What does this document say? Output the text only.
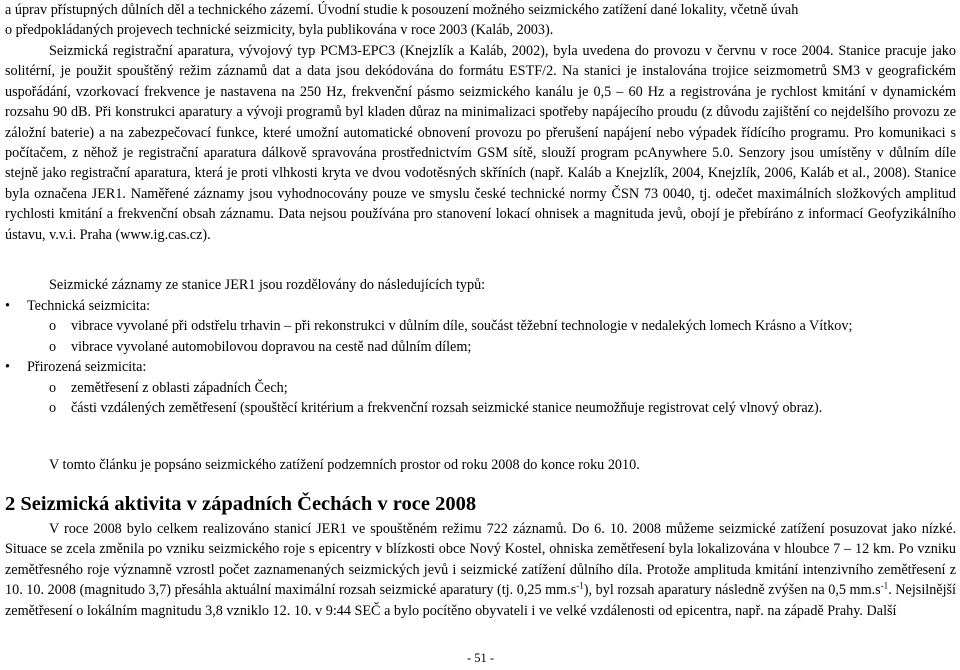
a úprav přístupných důlních děl a technického zázemí. Úvodní studie k posouzení možného seizmického zatížení dané lokality, včetně úvah
o předpokládaných projevech technické seizmicity, byla publikována v roce 2003 (Kaláb, 2003).

Seizmická registrační aparatura, vývojový typ PCM3-EPC3 (Knejzlík a Kaláb, 2002), byla uvedena do provozu v červnu v roce 2004. Stanice pracuje jako solitérní, je použit spouštěný režim záznamů dat a data jsou dekódována do formátu ESTF/2. Na stanici je instalována trojice seizmometrů SM3 v geografickém uspořádání, vzorkovací frekvence je nastavena na 250 Hz, frekvenční pásmo seizmického kanálu je 0,5 – 60 Hz a registrována je rychlost kmitání v dynamickém rozsahu 90 dB. Při konstrukci aparatury a vývoji programů byl kladen důraz na minimalizaci spotřeby napájecího proudu (z důvodu zajištění co nejdelšího provozu ze záložní baterie) a na zabezpečovací funkce, které umožní automatické obnovení provozu po přerušení napájení nebo výpadek řídícího programu. Pro komunikaci s počítačem, z něhož je registrační aparatura dálkově spravována prostřednictvím GSM sítě, slouží program pcAnywhere 5.0. Senzory jsou umístěny v důlním díle stejně jako registrační aparatura, která je proti vlhkosti kryta ve dvou vodotěsných skříních (např. Kaláb a Knejzlík, 2004, Knejzlík, 2006, Kaláb et al., 2008). Stanice byla označena JER1. Naměřené záznamy jsou vyhodnocovány pouze ve smyslu české technické normy ČSN 73 0040, tj. odečet maximálních složkových amplitud rychlosti kmitání a frekvenční obsah záznamu. Data nejsou používána pro stanovení lokací ohnisek a magnituda jevů, obojí je přebíráno z informací Geofyzikálního ústavu, v.v.i. Praha (www.ig.cas.cz).

Seizmické záznamy ze stanice JER1 jsou rozdělovány do následujících typů:

• Technická seizmicita:
o vibrace vyvolané při odstřelu trhavin – při rekonstrukci v důlním díle, součást těžební technologie v nedalekých lomech Krásno a Vítkov;
o vibrace vyvolané automobilovou dopravou na cestě nad důlním dílem;
• Přirozená seizmicita:
o zemětřesení z oblasti západních Čech;
o části vzdálených zemětřesení (spouštěcí kritérium a frekvenční rozsah seizmické stanice neumožňuje registrovat celý vlnový obraz).

V tomto článku je popsáno seizmického zatížení podzemních prostor od roku 2008 do konce roku 2010.

2 Seizmická aktivita v západních Čechách v roce 2008

V roce 2008 bylo celkem realizováno stanicí JER1 ve spouštěném režimu 722 záznamů. Do 6. 10. 2008 můžeme seizmické zatížení posuzovat jako nízké. Situace se zcela změnila po vzniku seizmického roje s epicentry v blízkosti obce Nový Kostel, ohniska zemětřesení byla lokalizována v hloubce 7 – 12 km. Po vzniku zemětřesného roje významně vzrostl počet zaznamenaných seizmických jevů i seizmické zatížení důlního díla. Protože amplituda kmitání intenzivního zemětřesení z 10. 10. 2008 (magnitudo 3,7) přesáhla aktuální maximální rozsah seizmické aparatury (tj. 0,25 $mm.s^{-1}$), byl rozsah aparatury následně zvýšen na 0,5 $mm.s^{-1}$. Nejsilnější zemětřesení o lokálním magnitudu 3,8 vzniklo 12. 10. v 9:44 SEČ a bylo pocítěno obyvateli i ve velké vzdálenosti od epicentra, např. na západě Prahy. Další

- 51 -
